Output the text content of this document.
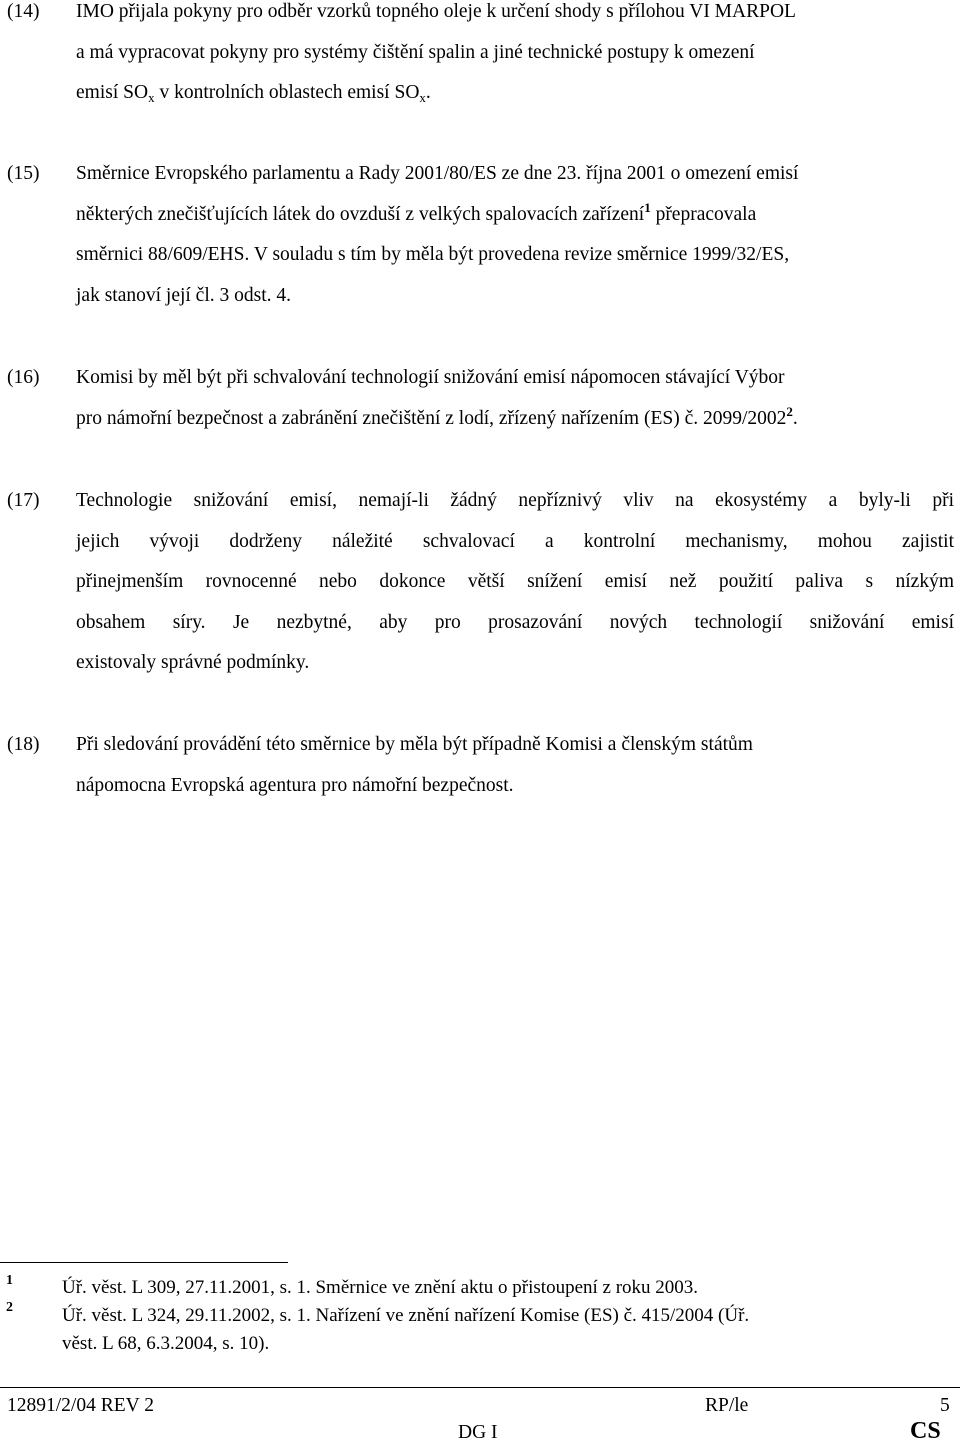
(14) IMO přijala pokyny pro odběr vzorků topného oleje k určení shody s přílohou VI MARPOL
a má vypracovat pokyny pro systémy čištění spalin a jiné technické postupy k omezení
emisí $SO_x$ v kontrolních oblastech emisí $SO_x$.
(15) Směrnice Evropského parlamentu a Rady 2001/80/ES ze dne 23. října 2001 o omezení emisí
některých znečišťujících látek do ovzduší z velkých spalovacích zařízení$^1$ přepracovala
směrnici 88/609/EHS. V souladu s tím by měla být provedena revize směrnice 1999/32/ES,
jak stanoví její čl. 3 odst. 4.
(16) Komisi by měl být při schvalování technologií snižování emisí nápomocen stávající Výbor
pro námořní bezpečnost a zabránění znečištění z lodí, zřízený nařízením (ES) č. 2099/2002$^2$.
(17) Technologie snižování emisí, nemají-li žádný nepříznivý vliv na ekosystémy a byly-li při
jejich vývoji dodrženy náležité schvalovací a kontrolní mechanismy, mohou zajistit
přinejmenším rovnocenné nebo dokonce větší snížení emisí než použití paliva s nízkým
obsahem síry. Je nezbytné, aby pro prosazování nových technologií snižování emisí
existovaly správné podmínky.
(18) Při sledování provádění této směrnice by měla být případně Komisi a členským státům
nápomocna Evropská agentura pro námořní bezpečnost.
1	Úř. věst. L 309, 27.11.2001, s. 1. Směrnice ve znění aktu o přistoupení z roku 2003.
2	Úř. věst. L 324, 29.11.2002, s. 1. Nařízení ve znění nařízení Komise (ES) č. 415/2004 (Úř.
věst. L 68, 6.3.2004, s. 10).
12891/2/04 REV 2	RP/le	5
DG I	CS
